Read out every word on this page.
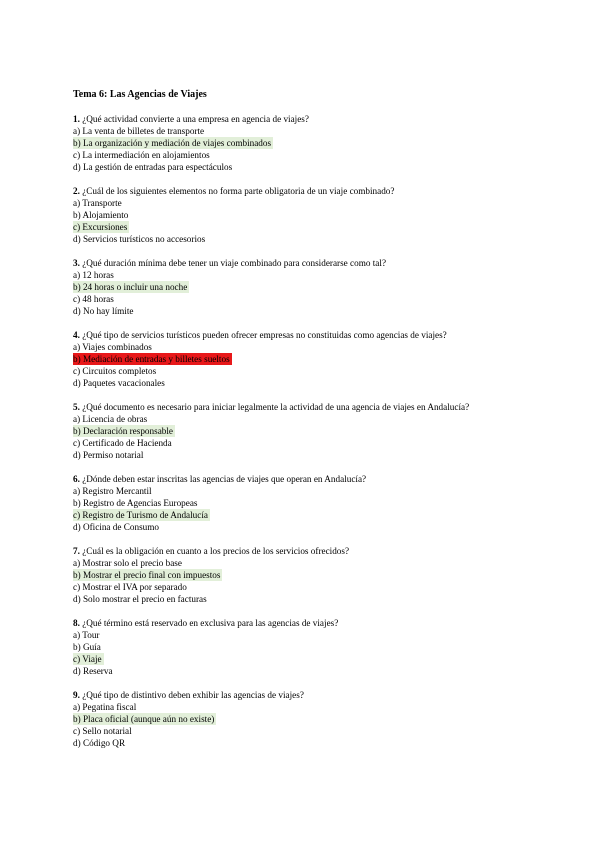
Tema 6: Las Agencias de Viajes
1. ¿Qué actividad convierte a una empresa en agencia de viajes?
a) La venta de billetes de transporte
b) La organización y mediación de viajes combinados
c) La intermediación en alojamientos
d) La gestión de entradas para espectáculos
2. ¿Cuál de los siguientes elementos no forma parte obligatoria de un viaje combinado?
a) Transporte
b) Alojamiento
c) Excursiones
d) Servicios turísticos no accesorios
3. ¿Qué duración mínima debe tener un viaje combinado para considerarse como tal?
a) 12 horas
b) 24 horas o incluir una noche
c) 48 horas
d) No hay límite
4. ¿Qué tipo de servicios turísticos pueden ofrecer empresas no constituidas como agencias de viajes?
a) Viajes combinados
b) Mediación de entradas y billetes sueltos
c) Circuitos completos
d) Paquetes vacacionales
5. ¿Qué documento es necesario para iniciar legalmente la actividad de una agencia de viajes en Andalucía?
a) Licencia de obras
b) Declaración responsable
c) Certificado de Hacienda
d) Permiso notarial
6. ¿Dónde deben estar inscritas las agencias de viajes que operan en Andalucía?
a) Registro Mercantil
b) Registro de Agencias Europeas
c) Registro de Turismo de Andalucía
d) Oficina de Consumo
7. ¿Cuál es la obligación en cuanto a los precios de los servicios ofrecidos?
a) Mostrar solo el precio base
b) Mostrar el precio final con impuestos
c) Mostrar el IVA por separado
d) Solo mostrar el precio en facturas
8. ¿Qué término está reservado en exclusiva para las agencias de viajes?
a) Tour
b) Guía
c) Viaje
d) Reserva
9. ¿Qué tipo de distintivo deben exhibir las agencias de viajes?
a) Pegatina fiscal
b) Placa oficial (aunque aún no existe)
c) Sello notarial
d) Código QR
